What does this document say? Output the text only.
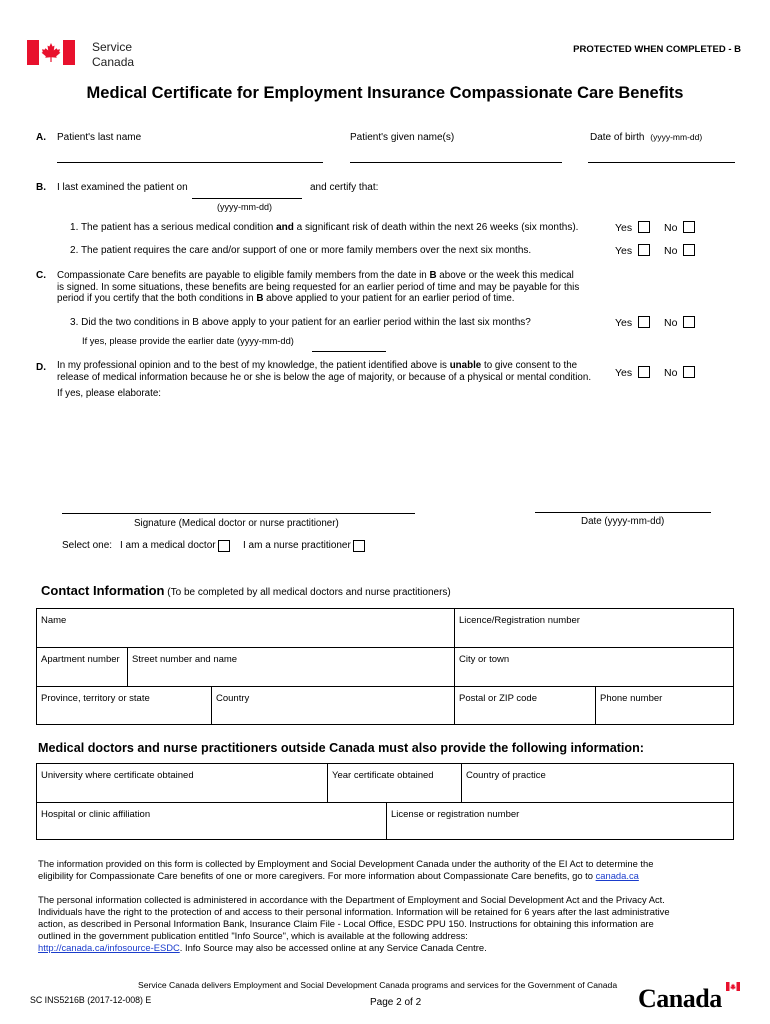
Service
Canada
PROTECTED WHEN COMPLETED - B
Medical Certificate for Employment Insurance Compassionate Care Benefits
A. Patient's last name	Patient's given name(s)	Date of birth (yyyy-mm-dd)
B. I last examined the patient on	and certify that:
(yyyy-mm-dd)
1. The patient has a serious medical condition and a significant risk of death within the next 26 weeks (six months).	Yes	No
2. The patient requires the care and/or support of one or more family members over the next six months.	Yes	No
C. Compassionate Care benefits are payable to eligible family members from the date in B above or the week this medical
is signed. In some situations, these benefits are being requested for an earlier period of time and may be payable for this
period if you certify that the both conditions in B above applied to your patient for an earlier period of time.
3. Did the two conditions in B above apply to your patient for an earlier period within the last six months?	Yes	No
If yes, please provide the earlier date (yyyy-mm-dd)
D. In my professional opinion and to the best of my knowledge, the patient identified above is unable to give consent to the
release of medical information because he or she is below the age of majority, or because of a physical or mental condition.	Yes	No
If yes, please elaborate:
Signature (Medical doctor or nurse practitioner)	Date (yyyy-mm-dd)
Select one: I am a medical doctor	I am a nurse practitioner
Contact Information (To be completed by all medical doctors and nurse practitioners)
Name	Licence/Registration number
Apartment number	Street number and name	City or town
Province, territory or state	Country	Postal or ZIP code	Phone number
Medical doctors and nurse practitioners outside Canada must also provide the following information:
University where certificate obtained	Year certificate obtained	Country of practice
Hospital or clinic affiliation	License or registration number

The information provided on this form is collected by Employment and Social Development Canada under the authority of the EI Act to determine the
eligibility for Compassionate Care benefits of one or more caregivers. For more information about Compassionate Care benefits, go to canada.ca

The personal information collected is administered in accordance with the Department of Employment and Social Development Act and the Privacy Act.
Individuals have the right to the protection of and access to their personal information. Information will be retained for 6 years after the last administrative
action, as described in Personal Information Bank, Insurance Claim File - Local Office, ESDC PPU 150. Instructions for obtaining this information are
outlined in the government publication entitled "Info Source", which is available at the following address:
http://canada.ca/infosource-ESDC. Info Source may also be accessed online at any Service Canada Centre.

Service Canada delivers Employment and Social Development Canada programs and services for the Government of Canada
SC INS5216B (2017-12-008) E	Page 2 of 2	Canada
